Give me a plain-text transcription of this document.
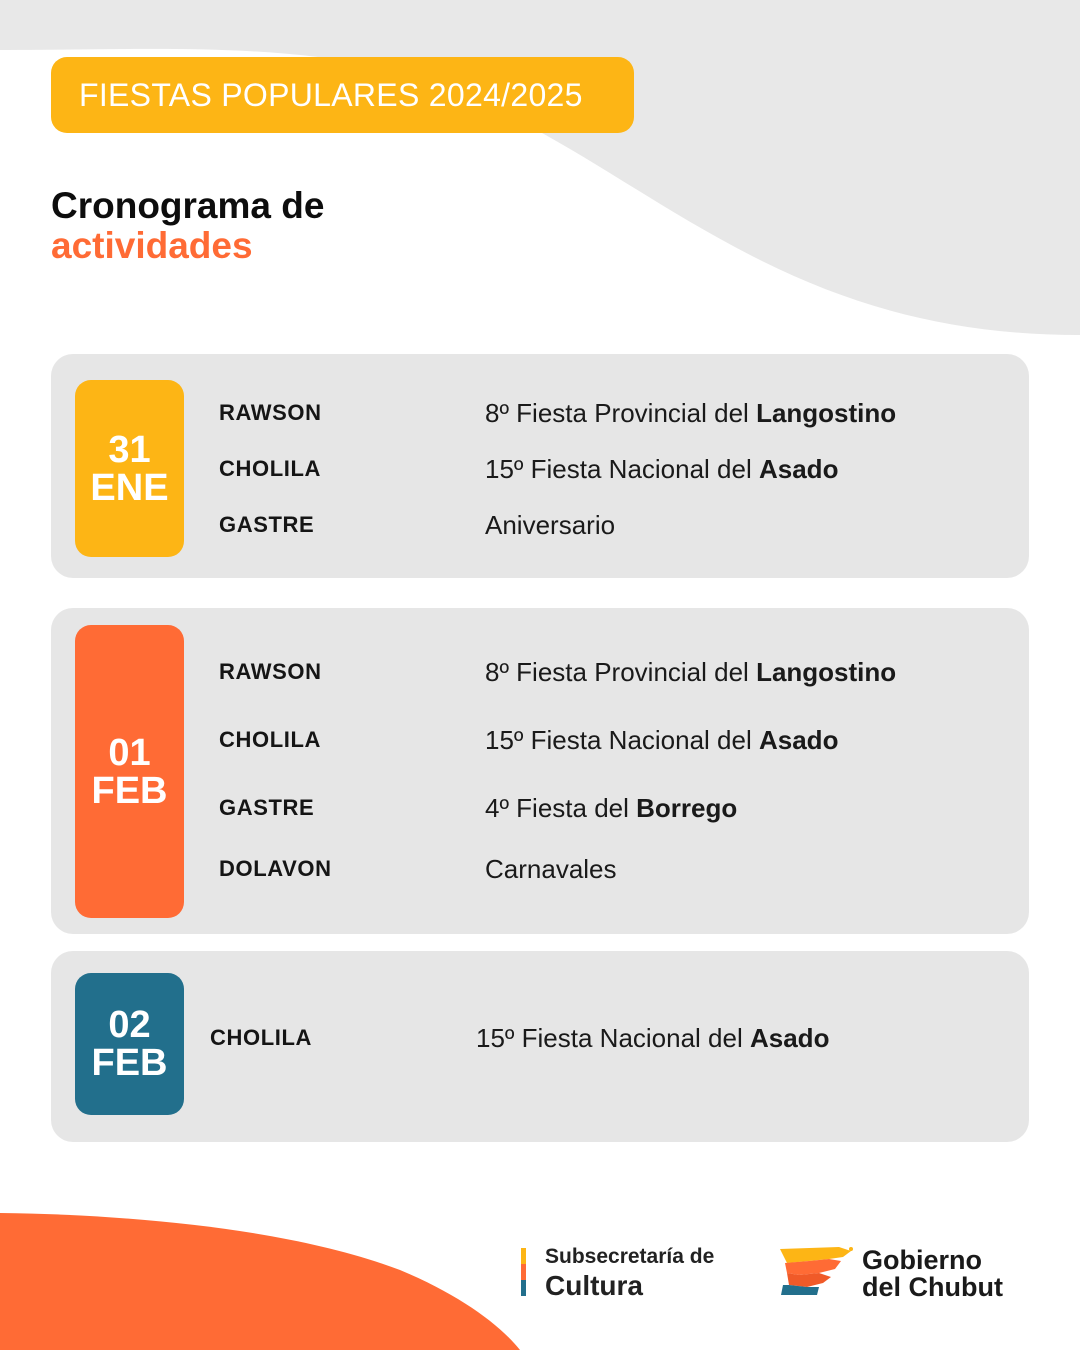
FIESTAS POPULARES 2024/2025
Cronograma de
actividades
31
ENE
RAWSON	8º Fiesta Provincial del Langostino
CHOLILA	15º Fiesta Nacional del Asado
GASTRE	Aniversario
01
FEB
RAWSON	8º Fiesta Provincial del Langostino
CHOLILA	15º Fiesta Nacional del Asado
GASTRE	4º Fiesta del Borrego
DOLAVON	Carnavales
02
FEB
CHOLILA	15º Fiesta Nacional del Asado
Subsecretaría de
Cultura
Gobierno
del Chubut
